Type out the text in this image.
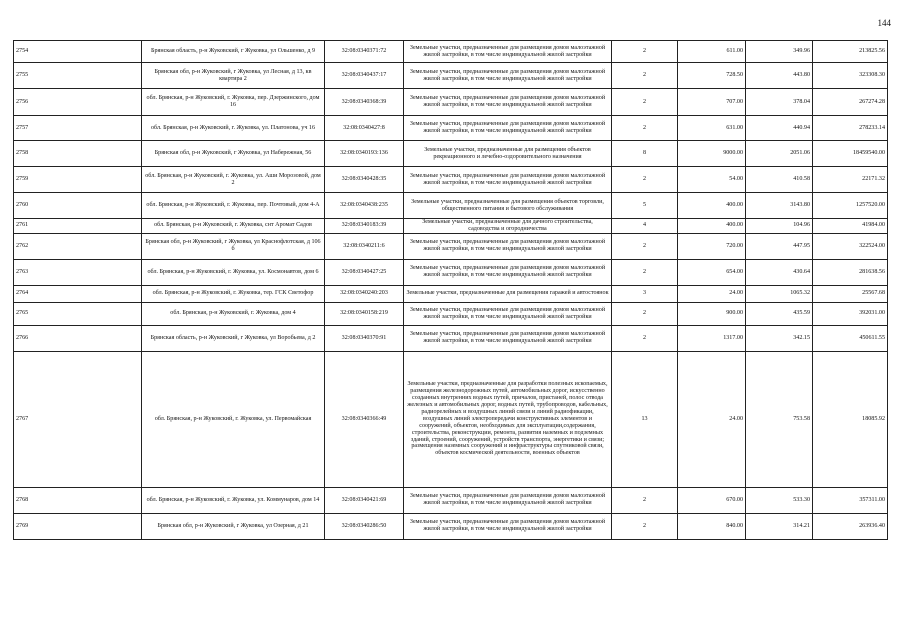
144
2754	Брянская область, р-н Жуковский, г Жуковка, ул Ольшенко, д 9	32:08:0340371:72	Земельные участки, предназначенные для размещения домов малоэтажной жилой застройки, в том числе индивидуальной жилой застройки	2	611.00	349.96	213825.56
2755	Брянская обл, р-н Жуковский, г Жуковка, ул Лесная, д 13, кв квартира 2	32:08:0340437:17	Земельные участки, предназначенные для размещения домов малоэтажной жилой застройки, в том числе индивидуальной жилой застройки	2	728.50	443.80	323308.30
2756	обл. Брянская, р-н Жуковский, г. Жуковка, пер. Дзержинского, дом 16	32:08:0340368:39	Земельные участки, предназначенные для размещения домов малоэтажной жилой застройки, в том числе индивидуальной жилой застройки	2	707.00	378.04	267274.28
2757	обл. Брянская, р-н Жуковский, г. Жуковка, ул. Платонова, уч 16	32:08:0340427:8	Земельные участки, предназначенные для размещения домов малоэтажной жилой застройки, в том числе индивидуальной жилой застройки	2	631.00	440.94	278233.14
2758	Брянская обл, р-н Жуковский, г Жуковка, ул Набережная, 56	32:08:0340193:136	Земельные участки, предназначенные для размещения объектов рекреационного и лечебно-оздоровительного назначения	8	9000.00	2051.06	18459540.00
2759	обл. Брянская, р-н Жуковский, г. Жуковка, ул. Аши Морозовой, дом 2	32:08:0340428:35	Земельные участки, предназначенные для размещения домов малоэтажной жилой застройки, в том числе индивидуальной жилой застройки	2	54.00	410.58	22171.32
2760	обл. Брянская, р-н Жуковский, г. Жуковка, пер. Почтовый, дом 4-А	32:08:0340438:235	Земельные участки, предназначенные для размещения объектов торговли, общественного питания и бытового обслуживания	5	400.00	3143.80	1257520.00
2761	обл. Брянская, р-н Жуковский, г. Жуковка, снт Аромат Садов	32:08:0340183:39	Земельные участки, предназначенные для дачного строительства, садоводства и огородничества	4	400.00	104.96	41984.00
2762	Брянская обл, р-н Жуковский, г Жуковка, ул Краснофлотская, д 106 б	32:08:0340211:6	Земельные участки, предназначенные для размещения домов малоэтажной жилой застройки, в том числе индивидуальной жилой застройки	2	720.00	447.95	322524.00
2763	обл. Брянская, р-н Жуковский, г. Жуковка, ул. Космонавтов, дом 6	32:08:0340427:25	Земельные участки, предназначенные для размещения домов малоэтажной жилой застройки, в том числе индивидуальной жилой застройки	2	654.00	430.64	281638.56
2764	обл. Брянская, р-н Жуковский, г. Жуковка, тер. ГСК Светофор	32:08:0340240:203	Земельные участки, предназначенные для размещения гаражей и автостоянок	3	24.00	1065.32	25567.68
2765	обл. Брянская, р-н Жуковский, г. Жуковка, дом 4	32:08:0340158:219	Земельные участки, предназначенные для размещения домов малоэтажной жилой застройки, в том числе индивидуальной жилой застройки	2	900.00	435.59	392031.00
2766	Брянская область, р-н Жуковский, г Жуковка, ул Воробьева, д 2	32:08:0340370:91	Земельные участки, предназначенные для размещения домов малоэтажной жилой застройки, в том числе индивидуальной жилой застройки	2	1317.00	342.15	450611.55
2767	обл. Брянская, р-н Жуковский, г. Жуковка, ул. Первомайская	32:08:0340366:49	Земельные участки, предназначенные для разработки полезных ископаемых, размещения железнодорожных путей, автомобильных дорог, искусственно созданных внутренних водных путей, причалов, пристаней, полос отвода железных и автомобильных дорог, водных путей, трубопроводов, кабельных, радиорелейных и воздушных линий связи и линий радиофикации, воздушных линий электропередачи конструктивных элементов и сооружений, объектов, необходимых для эксплуатации,содержания, строительства, реконструкции, ремонта, развития наземных и подземных зданий, строений, сооружений, устройств транспорта, энергетики и связи; размещения наземных сооружений и инфраструктуры спутниковой связи, объектов космической деятельности, военных объектов	13	24.00	753.58	18085.92
2768	обл. Брянская, р-н Жуковский, г. Жуковка, ул. Коммунаров, дом 14	32:08:0340421:69	Земельные участки, предназначенные для размещения домов малоэтажной жилой застройки, в том числе индивидуальной жилой застройки	2	670.00	533.30	357311.00
2769	Брянская обл, р-н Жуковский, г Жуковка, ул Озерная, д 21	32:08:0340286:50	Земельные участки, предназначенные для размещения домов малоэтажной жилой застройки, в том числе индивидуальной жилой застройки	2	840.00	314.21	263936.40
